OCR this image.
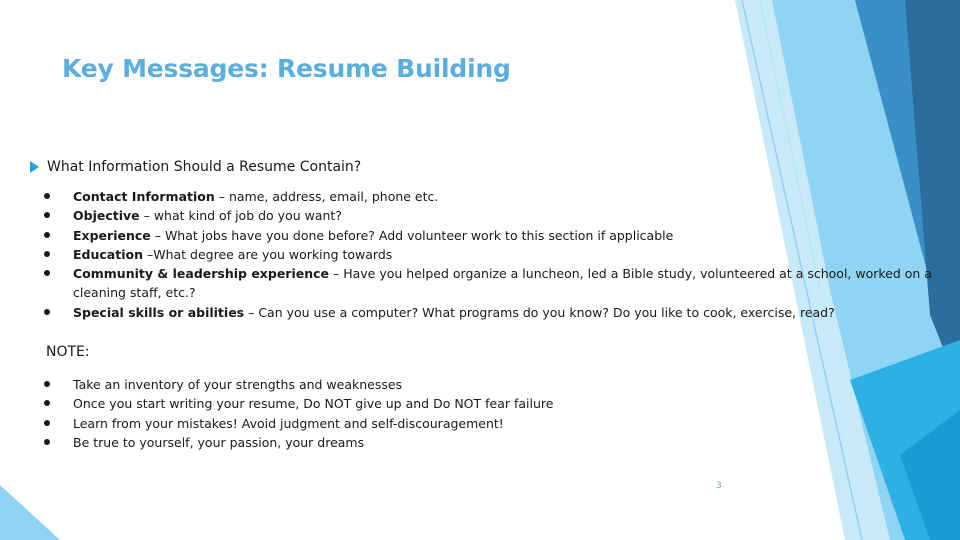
Key Messages: Resume Building
What Information Should a Resume Contain?
Contact Information – name, address, email, phone etc.
Objective – what kind of job do you want?
Experience – What jobs have you done before? Add volunteer work to this section if applicable
Education –What degree are you working towards
Community & leadership experience – Have you helped organize a luncheon, led a Bible study, volunteered at a school, worked on a cleaning staff, etc.?
Special skills or abilities – Can you use a computer? What programs do you know? Do you like to cook, exercise, read?

NOTE:

Take an inventory of your strengths and weaknesses
Once you start writing your resume, Do NOT give up and Do NOT fear failure
Learn from your mistakes! Avoid judgment and self-discouragement!
Be true to yourself, your passion, your dreams
3
